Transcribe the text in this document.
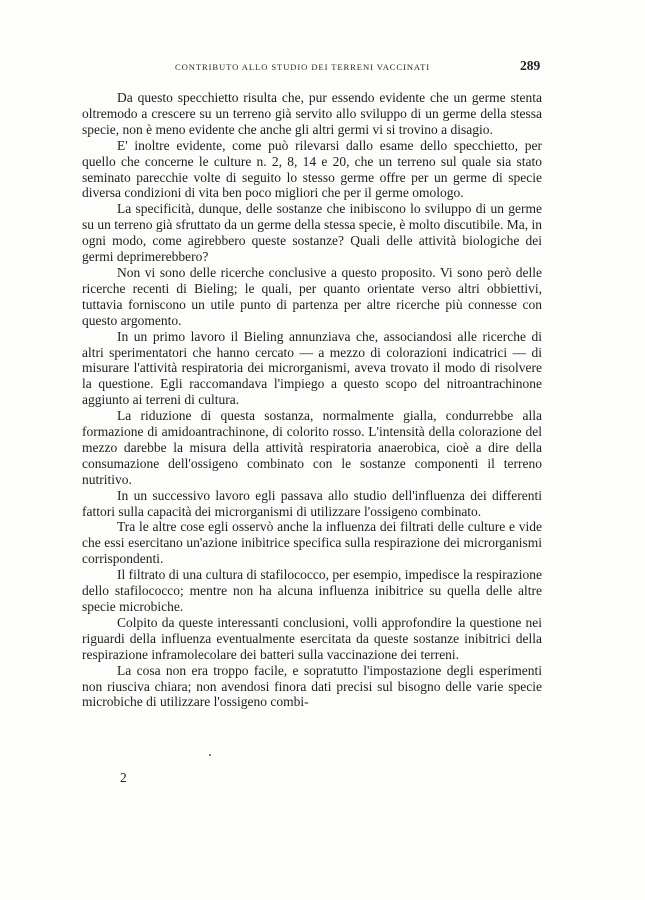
CONTRIBUTO ALLO STUDIO DEI TERRENI VACCINATI	289

Da questo specchietto risulta che, pur essendo evidente che un germe stenta oltremodo a crescere su un terreno già servito allo sviluppo di un germe della stessa specie, non è meno evidente che anche gli altri germi vi si trovino a disagio.

E' inoltre evidente, come può rilevarsi dallo esame dello specchietto, per quello che concerne le culture n. 2, 8, 14 e 20, che un terreno sul quale sia stato seminato parecchie volte di seguito lo stesso germe offre per un germe di specie diversa condizioni di vita ben poco migliori che per il germe omologo.

La specificità, dunque, delle sostanze che inibiscono lo sviluppo di un germe su un terreno già sfruttato da un germe della stessa specie, è molto discutibile. Ma, in ogni modo, come agirebbero queste sostanze? Quali delle attività biologiche dei germi deprimerebbero?

Non vi sono delle ricerche conclusive a questo proposito. Vi sono però delle ricerche recenti di Bieling; le quali, per quanto orientate verso altri obbiettivi, tuttavia forniscono un utile punto di partenza per altre ricerche più connesse con questo argomento.

In un primo lavoro il Bieling annunziava che, associandosi alle ricerche di altri sperimentatori che hanno cercato — a mezzo di colorazioni indicatrici — di misurare l'attività respiratoria dei microrganismi, aveva trovato il modo di risolvere la questione. Egli raccomandava l'impiego a questo scopo del nitroantrachinone aggiunto ai terreni di cultura.

La riduzione di questa sostanza, normalmente gialla, condurrebbe alla formazione di amidoantrachinone, di colorito rosso. L'intensità della colorazione del mezzo darebbe la misura della attività respiratoria anaerobica, cioè a dire della consumazione dell'ossigeno combinato con le sostanze componenti il terreno nutritivo.

In un successivo lavoro egli passava allo studio dell'influenza dei differenti fattori sulla capacità dei microrganismi di utilizzare l'ossigeno combinato.

Tra le altre cose egli osservò anche la influenza dei filtrati delle culture e vide che essi esercitano un'azione inibitrice specifica sulla respirazione dei microrganismi corrispondenti.

Il filtrato di una cultura di stafilococco, per esempio, impedisce la respirazione dello stafilococco; mentre non ha alcuna influenza inibitrice su quella delle altre specie microbiche.

Colpito da queste interessanti conclusioni, volli approfondire la questione nei riguardi della influenza eventualmente esercitata da queste sostanze inibitrici della respirazione inframolecolare dei batteri sulla vaccinazione dei terreni.

La cosa non era troppo facile, e sopratutto l'impostazione degli esperimenti non riusciva chiara; non avendosi finora dati precisi sul bisogno delle varie specie microbiche di utilizzare l'ossigeno combi-

2
